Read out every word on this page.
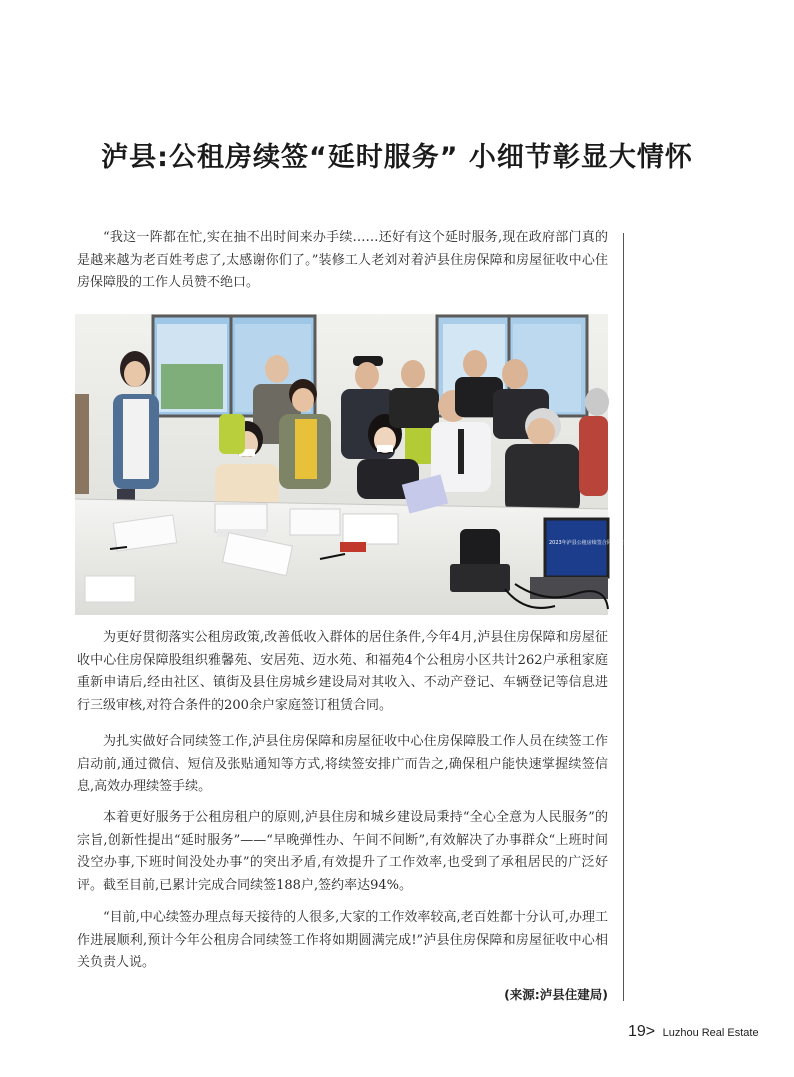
泸县:公租房续签“延时服务” 小细节彰显大情怀

“我这一阵都在忙,实在抽不出时间来办手续……还好有这个延时服务,现在政府部门真的是越来越为老百姓考虑了,太感谢你们了。”装修工人老刘对着泸县住房保障和房屋征收中心住房保障股的工作人员赞不绝口。

2023年泸县公租房续签合同签订现场

为更好贯彻落实公租房政策,改善低收入群体的居住条件,今年4月,泸县住房保障和房屋征收中心住房保障股组织雅馨苑、安居苑、迈水苑、和福苑4个公租房小区共计262户承租家庭重新申请后,经由社区、镇街及县住房城乡建设局对其收入、不动产登记、车辆登记等信息进行三级审核,对符合条件的200余户家庭签订租赁合同。

为扎实做好合同续签工作,泸县住房保障和房屋征收中心住房保障股工作人员在续签工作启动前,通过微信、短信及张贴通知等方式,将续签安排广而告之,确保租户能快速掌握续签信息,高效办理续签手续。

本着更好服务于公租房租户的原则,泸县住房和城乡建设局秉持“全心全意为人民服务”的宗旨,创新性提出“延时服务”——“早晚弹性办、午间不间断”,有效解决了办事群众“上班时间没空办事,下班时间没处办事”的突出矛盾,有效提升了工作效率,也受到了承租居民的广泛好评。截至目前,已累计完成合同续签188户,签约率达94%。

“目前,中心续签办理点每天接待的人很多,大家的工作效率较高,老百姓都十分认可,办理工作进展顺利,预计今年公租房合同续签工作将如期圆满完成!”泸县住房保障和房屋征收中心相关负责人说。

(来源:泸县住建局)
19> Luzhou Real Estate
